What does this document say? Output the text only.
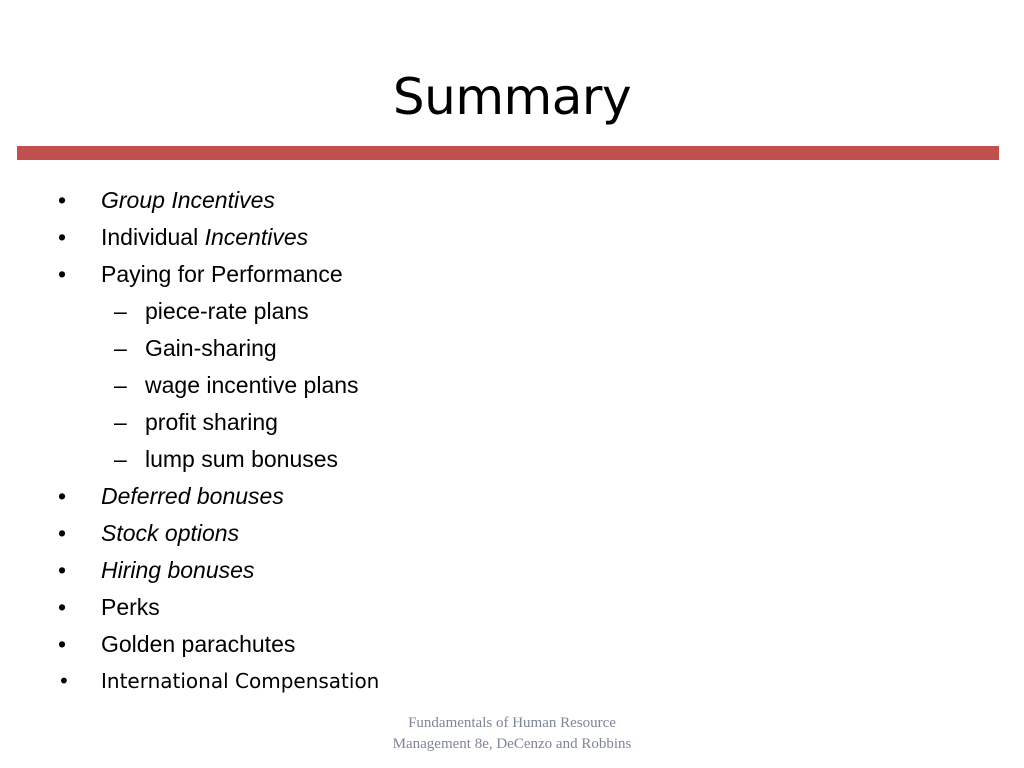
Summary
• Group Incentives
• Individual Incentives
• Paying for Performance
– piece-rate plans
– Gain-sharing
– wage incentive plans
– profit sharing
– lump sum bonuses
• Deferred bonuses
• Stock options
• Hiring bonuses
• Perks
• Golden parachutes
• International Compensation
Fundamentals of Human Resource
Management 8e, DeCenzo and Robbins
